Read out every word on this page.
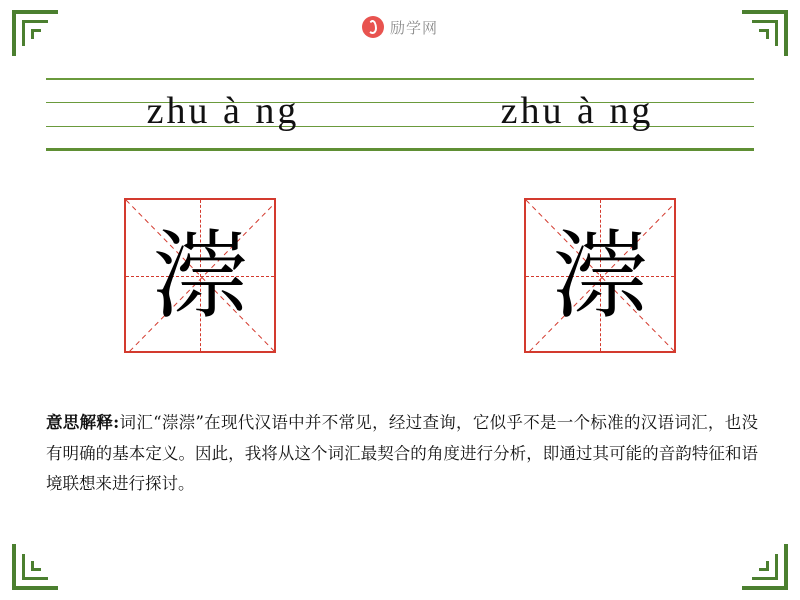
励学网
zhu à ng	zhu à ng
漴	漴
意思解释:词汇“漴漴”在现代汉语中并不常见，经过查询，它似乎不是一个标准的汉语词汇，也没有明确的基本定义。因此，我将从这个词汇最契合的角度进行分析，即通过其可能的音韵特征和语境联想来进行探讨。
